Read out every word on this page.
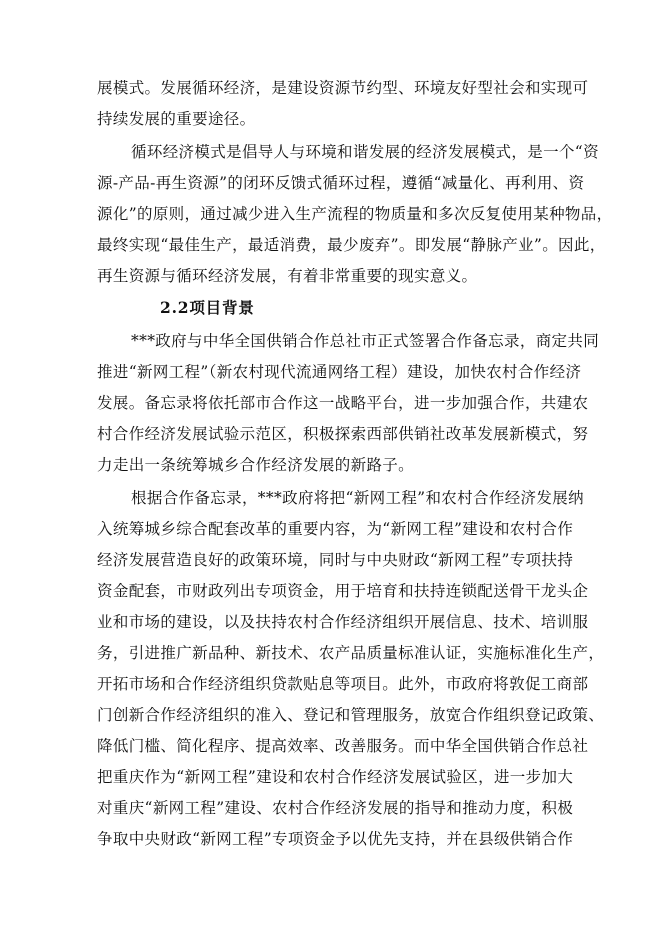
展模式。发展循环经济，是建设资源节约型、环境友好型社会和实现可
持续发展的重要途径。
循环经济模式是倡导人与环境和谐发展的经济发展模式，是一个“资
源-产品-再生资源”的闭环反馈式循环过程，遵循“减量化、再利用、资
源化”的原则，通过减少进入生产流程的物质量和多次反复使用某种物品，
最终实现“最佳生产，最适消费，最少废弃”。即发展“静脉产业”。因此，
再生资源与循环经济发展，有着非常重要的现实意义。
2.2项目背景
***政府与中华全国供销合作总社市正式签署合作备忘录，商定共同
推进“新网工程”（新农村现代流通网络工程）建设，加快农村合作经济
发展。备忘录将依托部市合作这一战略平台，进一步加强合作，共建农
村合作经济发展试验示范区，积极探索西部供销社改革发展新模式，努
力走出一条统筹城乡合作经济发展的新路子。
根据合作备忘录，***政府将把“新网工程”和农村合作经济发展纳
入统筹城乡综合配套改革的重要内容，为“新网工程”建设和农村合作
经济发展营造良好的政策环境，同时与中央财政“新网工程”专项扶持
资金配套，市财政列出专项资金，用于培育和扶持连锁配送骨干龙头企
业和市场的建设，以及扶持农村合作经济组织开展信息、技术、培训服
务，引进推广新品种、新技术、农产品质量标准认证，实施标准化生产，
开拓市场和合作经济组织贷款贴息等项目。此外，市政府将敦促工商部
门创新合作经济组织的准入、登记和管理服务，放宽合作组织登记政策、
降低门槛、简化程序、提高效率、改善服务。而中华全国供销合作总社
把重庆作为“新网工程”建设和农村合作经济发展试验区，进一步加大
对重庆“新网工程”建设、农村合作经济发展的指导和推动力度，积极
争取中央财政“新网工程”专项资金予以优先支持，并在县级供销合作
